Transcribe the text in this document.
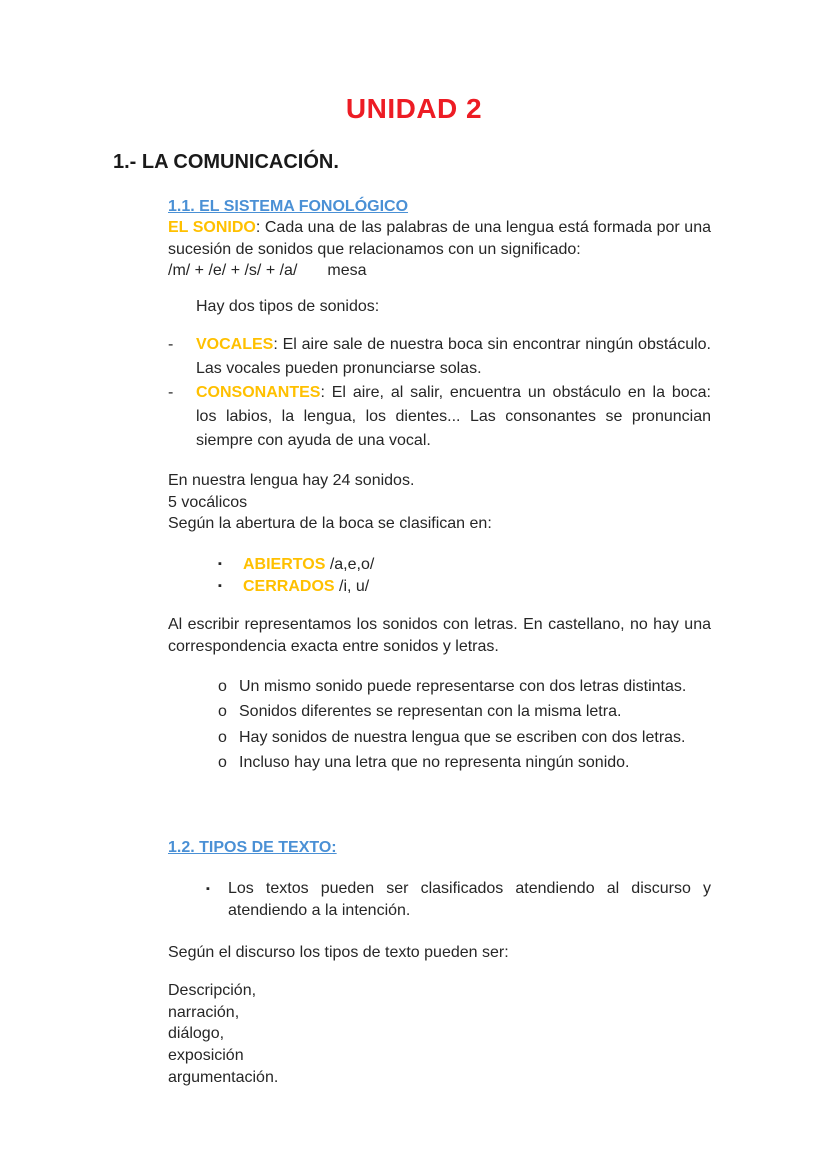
UNIDAD 2
1.- LA COMUNICACIÓN.
1.1. EL SISTEMA FONOLÓGICO

EL SONIDO: Cada una de las palabras de una lengua está formada por una sucesión de sonidos que relacionamos con un significado:

/m/ + /e/ + /s/ + /a/ mesa

Hay dos tipos de sonidos:

-	VOCALES: El aire sale de nuestra boca sin encontrar ningún obstáculo. Las vocales pueden pronunciarse solas.
-	CONSONANTES: El aire, al salir, encuentra un obstáculo en la boca: los labios, la lengua, los dientes... Las consonantes se pronuncian siempre con ayuda de una vocal.

En nuestra lengua hay 24 sonidos.

5 vocálicos

Según la abertura de la boca se clasifican en:

▪	ABIERTOS /a,e,o/
▪	CERRADOS /i, u/

Al escribir representamos los sonidos con letras. En castellano, no hay una correspondencia exacta entre sonidos y letras.

o Un mismo sonido puede representarse con dos letras distintas.
o Sonidos diferentes se representan con la misma letra.
o Hay sonidos de nuestra lengua que se escriben con dos letras.
o Incluso hay una letra que no representa ningún sonido.
1.2. TIPOS DE TEXTO:
▪	Los textos pueden ser clasificados atendiendo al discurso y atendiendo a la intención.

Según el discurso los tipos de texto pueden ser:

Descripción,
narración,
diálogo,
exposición
argumentación.
